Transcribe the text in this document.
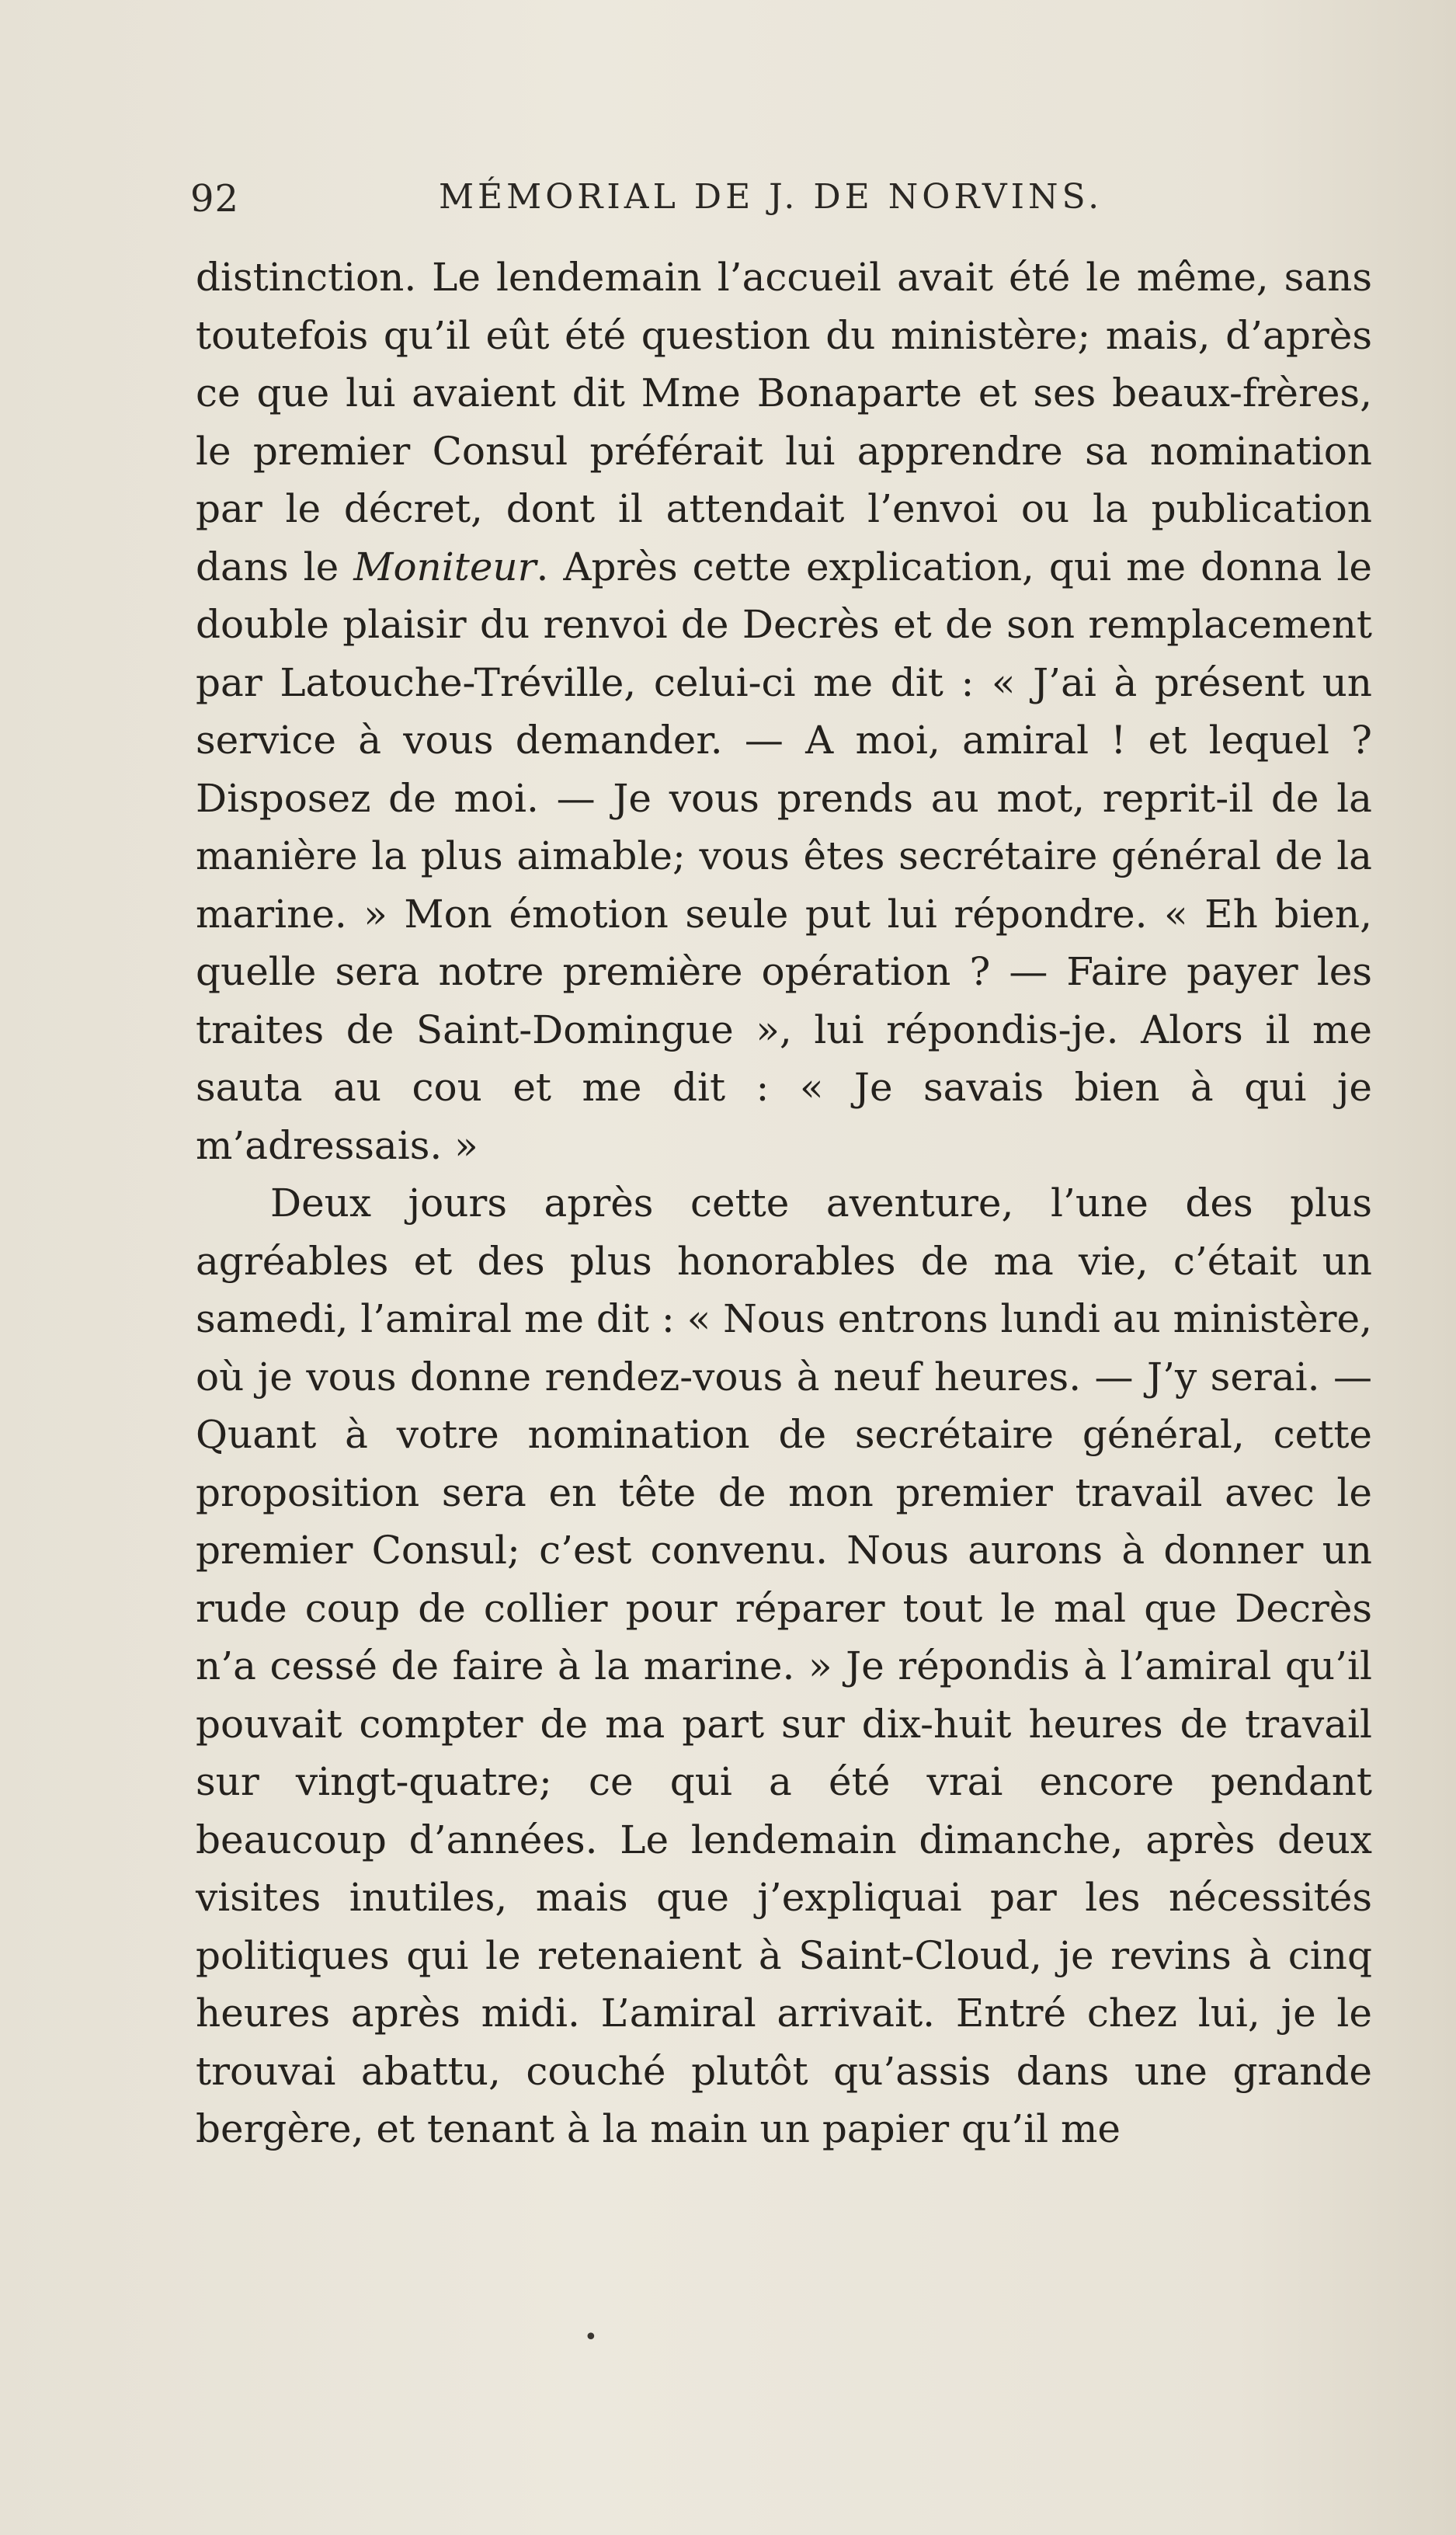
92	MÉMORIAL DE J. DE NORVINS.

distinction. Le lendemain l’accueil avait été le même, sans toutefois qu’il eût été question du ministère; mais, d’après ce que lui avaient dit Mme Bonaparte et ses beaux-frères, le premier Consul préférait lui apprendre sa nomination par le décret, dont il attendait l’envoi ou la publication dans le Moniteur. Après cette explication, qui me donna le double plaisir du renvoi de Decrès et de son remplacement par Latouche-Tréville, celui-ci me dit : « J’ai à présent un service à vous demander. — A moi, amiral ! et lequel ? Disposez de moi. — Je vous prends au mot, reprit-il de la manière la plus aimable; vous êtes secrétaire général de la marine. » Mon émotion seule put lui répondre. « Eh bien, quelle sera notre première opération ? — Faire payer les traites de Saint-Domingue », lui répondis-je. Alors il me sauta au cou et me dit : « Je savais bien à qui je m’adressais. »

Deux jours après cette aventure, l’une des plus agréables et des plus honorables de ma vie, c’était un samedi, l’amiral me dit : « Nous entrons lundi au ministère, où je vous donne rendez-vous à neuf heures. — J’y serai. — Quant à votre nomination de secrétaire général, cette proposition sera en tête de mon premier travail avec le premier Consul; c’est convenu. Nous aurons à donner un rude coup de collier pour réparer tout le mal que Decrès n’a cessé de faire à la marine. » Je répondis à l’amiral qu’il pouvait compter de ma part sur dix-huit heures de travail sur vingt-quatre; ce qui a été vrai encore pendant beaucoup d’années. Le lendemain dimanche, après deux visites inutiles, mais que j’expliquai par les nécessités politiques qui le retenaient à Saint-Cloud, je revins à cinq heures après midi. L’amiral arrivait. Entré chez lui, je le trouvai abattu, couché plutôt qu’assis dans une grande bergère, et tenant à la main un papier qu’il me

•
